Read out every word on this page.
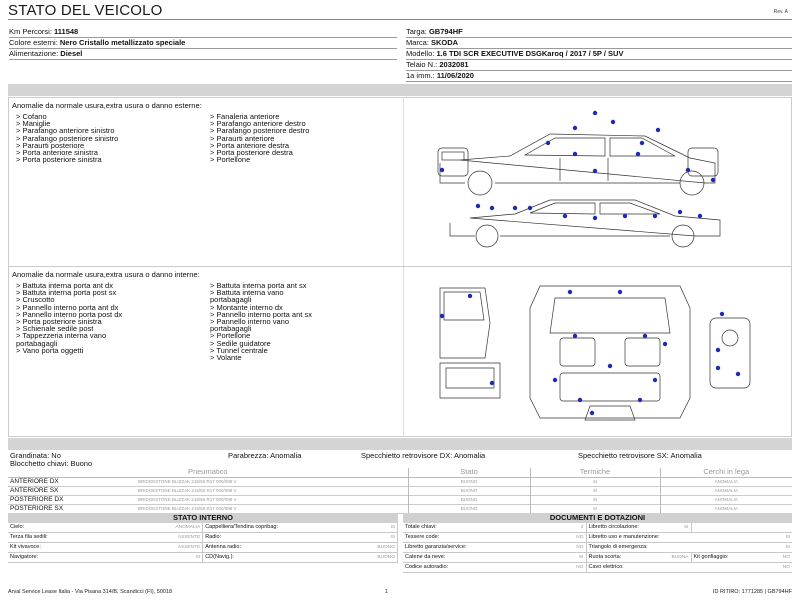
STATO DEL VEICOLO	Rev. A
Km Percorsi: 111548
Colore esterni: Nero Cristallo metallizzato speciale
Alimentazione: Diesel
Targa: GB794HF
Marca: SKODA
Modello: 1.6 TDI SCR EXECUTIVE DSGKaroq / 2017 / 5P / SUV
Telaio N.: 2032081
1a imm.: 11/06/2020
Anomalie da normale usura,extra usura o danno esterne:
> Cofano
> Maniglie
> Parafango anteriore sinistro
> Parafango posteriore sinistro
> Paraurti posteriore
> Porta anteriore sinistra
> Porta posteriore sinistra
> Fanaleria anteriore
> Parafango anteriore destro
> Parafango posteriore destro
> Paraurti anteriore
> Porta anteriore destra
> Porta posteriore destra
> Portellone
Anomalie da normale usura,extra usura o danno interne:
> Battuta interna porta ant dx
> Battuta interna porta post sx
> Cruscotto
> Pannello interno porta ant dx
> Pannello interno porta post dx
> Porta posteriore sinistra
> Schienale sedile post
> Tappezzeria interna vano
portabagagli
> Vano porta oggetti
> Battuta interna porta ant sx
> Battuta interna vano
portabagagli
> Montante interno dx
> Pannello interno porta ant sx
> Pannello interno vano
portabagagli
> Portellone
> Sedile guidatore
> Tunnel centrale
> Volante
Grandinata: No	Parabrezza: Anomalia	Specchietto retrovisore DX: Anomalia	Specchietto retrovisore SX: Anomalia
Blocchetto chiavi: Buono
Pneumatico	Stato	Termiche	Cerchi in lega
ANTERIORE DX BRIDGESTONE BLIZZAK 215/55 R17 000/098 V	BUONO	SI	ANOMALIA
ANTERIORE SX BRIDGESTONE BLIZZAK 215/55 R17 000/098 V	BUONO	SI	ANOMALIA
POSTERIORE DX BRIDGESTONE BLIZZAK 215/55 R17 000/098 V	BUONO	SI	ANOMALIA
POSTERIORE SX BRIDGESTONE BLIZZAK 215/55 R17 000/098 V	BUONO	SI	ANOMALIA
STATO INTERNO
Cielo:	ANOMALIA	Cappelliera/Tendina copribag:	SI
Terza fila sedili:	ASSENTE	Radio:	SI
Kit vivavoce:	ASSENTE	Antenna radio:	BUONO
Navigatore:	SI	CD(Navig.):	BUONO
DOCUMENTI E DOTAZIONI
Totale chiavi:	2	Libretto circolazione:	SI		
Tessere code:	NO	Libretto uso e manutenzione:			SI
Libretto garanzia/service:	NO	Triangolo di emergenza:			SI
Catene da neve:	SI	Ruota scorta:	BUONA	Kit gonfiaggio:	NO
Codice autoradio:	NO	Cavo elettrico:			NO
Arval Service Lease Italia - Via Pisana 314/B, Scandicci (FI), 50018	1	ID RITIRO: 1771285 | GB794HF
